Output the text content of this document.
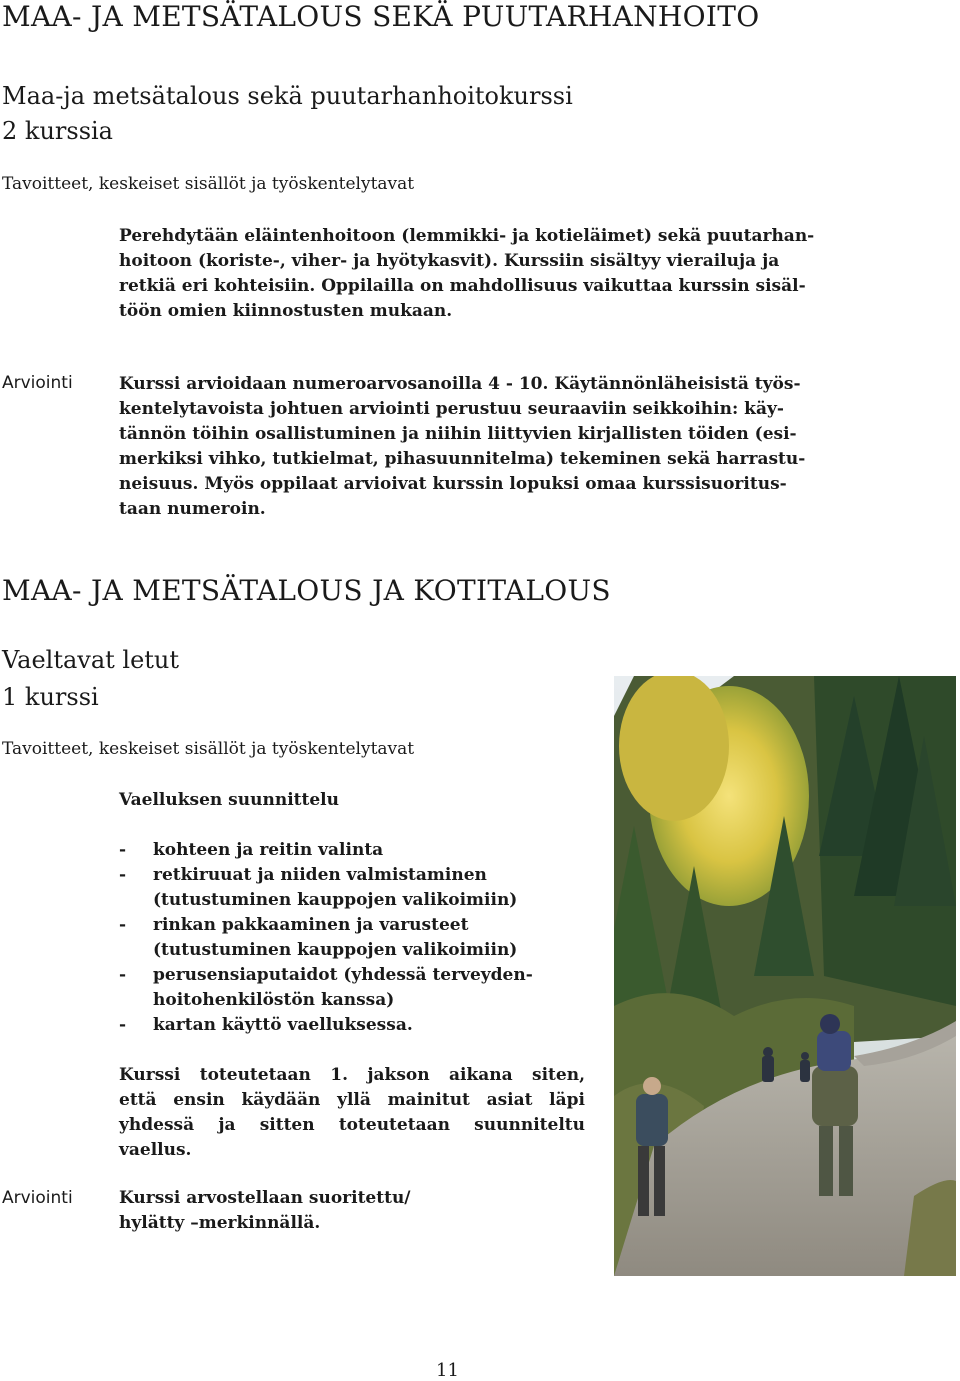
MAA- JA METSÄTALOUS SEKÄ PUUTARHANHOITO
Maa-ja metsätalous sekä puutarhanhoitokurssi
2 kurssia
Tavoitteet, keskeiset sisällöt ja työskentelytavat
Perehdytään eläintenhoitoon (lemmikki- ja kotieläimet) sekä puutarhan-
hoitoon (koriste-, viher- ja hyötykasvit). Kurssiin sisältyy vierailuja ja
retkiä eri kohteisiin. Oppilailla on mahdollisuus vaikuttaa kurssin sisäl-
töön omien kiinnostusten mukaan.
Arviointi	Kurssi arvioidaan numeroarvosanoilla 4 - 10. Käytännönläheisistä työs-
kentelytavoista johtuen arviointi perustuu seuraaviin seikkoihin: käy-
tännön töihin osallistuminen ja niihin liittyvien kirjallisten töiden (esi-
merkiksi vihko, tutkielmat, pihasuunnitelma) tekeminen sekä harrastu-
neisuus. Myös oppilaat arvioivat kurssin lopuksi omaa kurssisuoritus-
taan numeroin.
MAA- JA METSÄTALOUS JA KOTITALOUS
Vaeltavat letut
1 kurssi
Tavoitteet, keskeiset sisällöt ja työskentelytavat
Vaelluksen suunnittelu
-	kohteen ja reitin valinta
-	retkiruuat ja niiden valmistaminen
(tutustuminen kauppojen valikoimiin)
-	rinkan pakkaaminen ja varusteet
(tutustuminen kauppojen valikoimiin)
-	perusensiaputaidot (yhdessä terveyden-
hoitohenkilöstön kanssa)
-	kartan käyttö vaelluksessa.
Kurssi toteutetaan 1. jakson aikana siten,
että ensin käydään yllä mainitut asiat läpi
yhdessä ja sitten toteutetaan suunniteltu
vaellus.
Arviointi	Kurssi arvostellaan suoritettu/
hylätty –merkinnällä.
11
